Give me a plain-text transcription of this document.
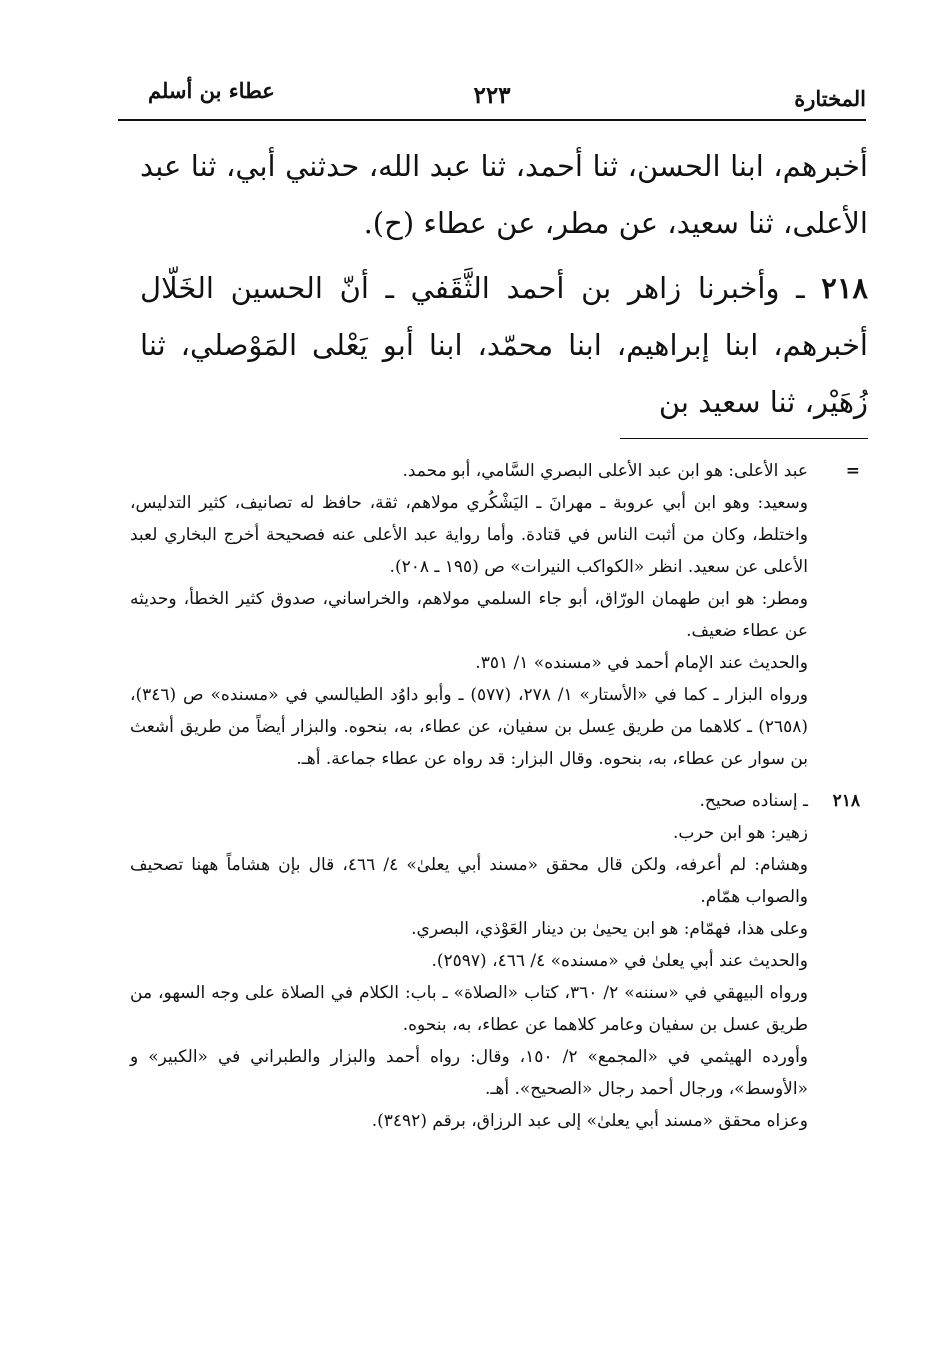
المختارة
٢٢٣
عطاء بن أسلم

أخبرهم، ابنا الحسن، ثنا أحمد، ثنا عبد الله، حدثني أبي، ثنا عبد الأعلى، ثنا سعيد، عن مطر، عن عطاء (ح).

٢١٨ ـ وأخبرنا زاهر بن أحمد الثَّقَفي ـ أنّ الحسين الخَلّال أخبرهم، ابنا إبراهيم، ابنا محمّد، ابنا أبو يَعْلى المَوْصلي، ثنا زُهَيْر، ثنا سعيد بن

=

عبد الأعلى: هو ابن عبد الأعلى البصري السَّامي، أبو محمد.

وسعيد: وهو ابن أبي عروبة ـ مهرانَ ـ اليَشْكُري مولاهم، ثقة، حافظ له تصانيف، كثير التدليس، واختلط، وكان من أثبت الناس في قتادة. وأما رواية عبد الأعلى عنه فصحيحة أخرج البخاري لعبد الأعلى عن سعيد. انظر «الكواكب النيرات» ص (١٩٥ ـ ٢٠٨).

ومطر: هو ابن طهمان الورّاق، أبو جاء السلمي مولاهم، والخراساني، صدوق كثير الخطأ، وحديثه عن عطاء ضعيف.

والحديث عند الإمام أحمد في «مسنده» ١/ ٣٥١.

ورواه البزار ـ كما في «الأستار» ١/ ٢٧٨، (٥٧٧) ـ وأبو داوُد الطيالسي في «مسنده» ص (٣٤٦)، (٢٦٥٨) ـ كلاهما من طريق عِسل بن سفيان، عن عطاء، به، بنحوه. والبزار أيضاً من طريق أشعث بن سوار عن عطاء، به، بنحوه. وقال البزار: قد رواه عن عطاء جماعة. أهـ.

٢١٨

ـ إسناده صحيح.

زهير: هو ابن حرب.

وهشام: لم أعرفه، ولكن قال محقق «مسند أبي يعلىٰ» ٤/ ٤٦٦، قال بإن هشاماً ههنا تصحيف والصواب همّام.

وعلى هذا، فهمّام: هو ابن يحيىٰ بن دينار العَوْذي، البصري.

والحديث عند أبي يعلىٰ في «مسنده» ٤/ ٤٦٦، (٢٥٩٧).

ورواه البيهقي في «سننه» ٢/ ٣٦٠، كتاب «الصلاة» ـ باب: الكلام في الصلاة على وجه السهو، من طريق عسل بن سفيان وعامر كلاهما عن عطاء، به، بنحوه.

وأورده الهيثمي في «المجمع» ٢/ ١٥٠، وقال: رواه أحمد والبزار والطبراني في «الكبير» و «الأوسط»، ورجال أحمد رجال «الصحيح». أهـ.

وعزاه محقق «مسند أبي يعلىٰ» إلى عبد الرزاق، برقم (٣٤٩٢).
